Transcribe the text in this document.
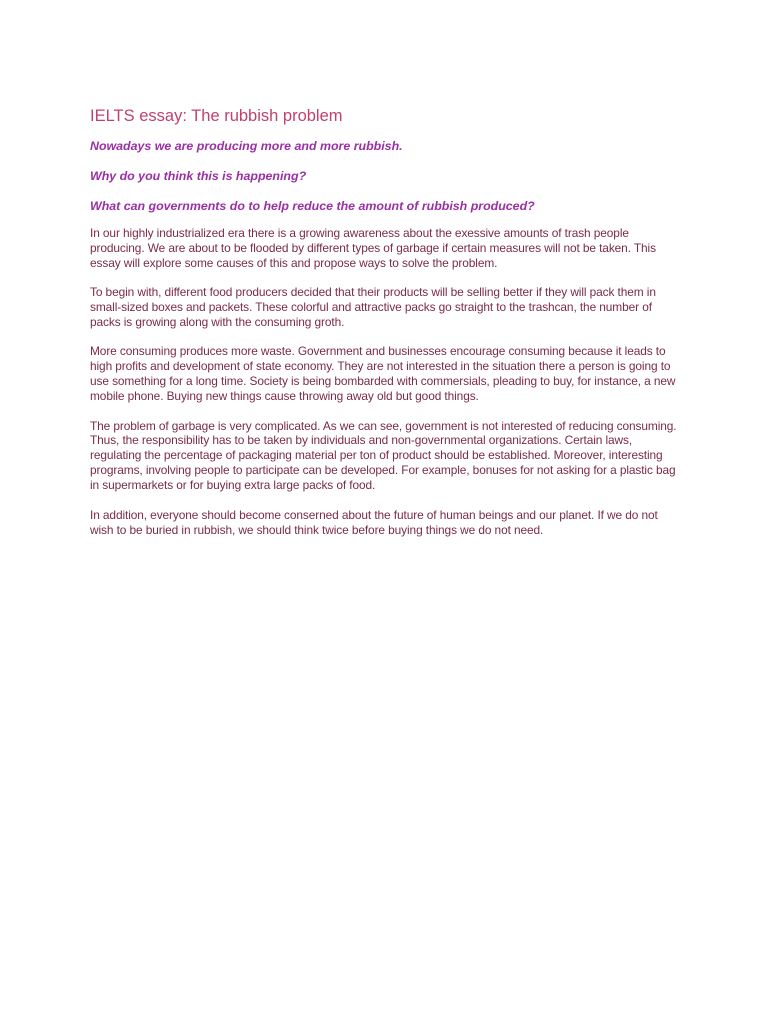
IELTS essay: The rubbish problem

Nowadays we are producing more and more rubbish.

Why do you think this is happening?

What can governments do to help reduce the amount of rubbish produced?

In our highly industrialized era there is a growing awareness about the exessive amounts of trash people producing. We are about to be flooded by different types of garbage if certain measures will not be taken. This essay will explore some causes of this and propose ways to solve the problem.

To begin with, different food producers decided that their products will be selling better if they will pack them in small-sized boxes and packets. These colorful and attractive packs go straight to the trashcan, the number of packs is growing along with the consuming groth.

More consuming produces more waste. Government and businesses encourage consuming because it leads to high profits and development of state economy. They are not interested in the situation there a person is going to use something for a long time. Society is being bombarded with commersials, pleading to buy, for instance, a new mobile phone. Buying new things cause throwing away old but good things.

The problem of garbage is very complicated. As we can see, government is not interested of reducing consuming. Thus, the responsibility has to be taken by individuals and non-governmental organizations. Certain laws, regulating the percentage of packaging material per ton of product should be established. Moreover, interesting programs, involving people to participate can be developed. For example, bonuses for not asking for a plastic bag in supermarkets or for buying extra large packs of food.

In addition, everyone should become conserned about the future of human beings and our planet. If we do not wish to be buried in rubbish, we should think twice before buying things we do not need.
